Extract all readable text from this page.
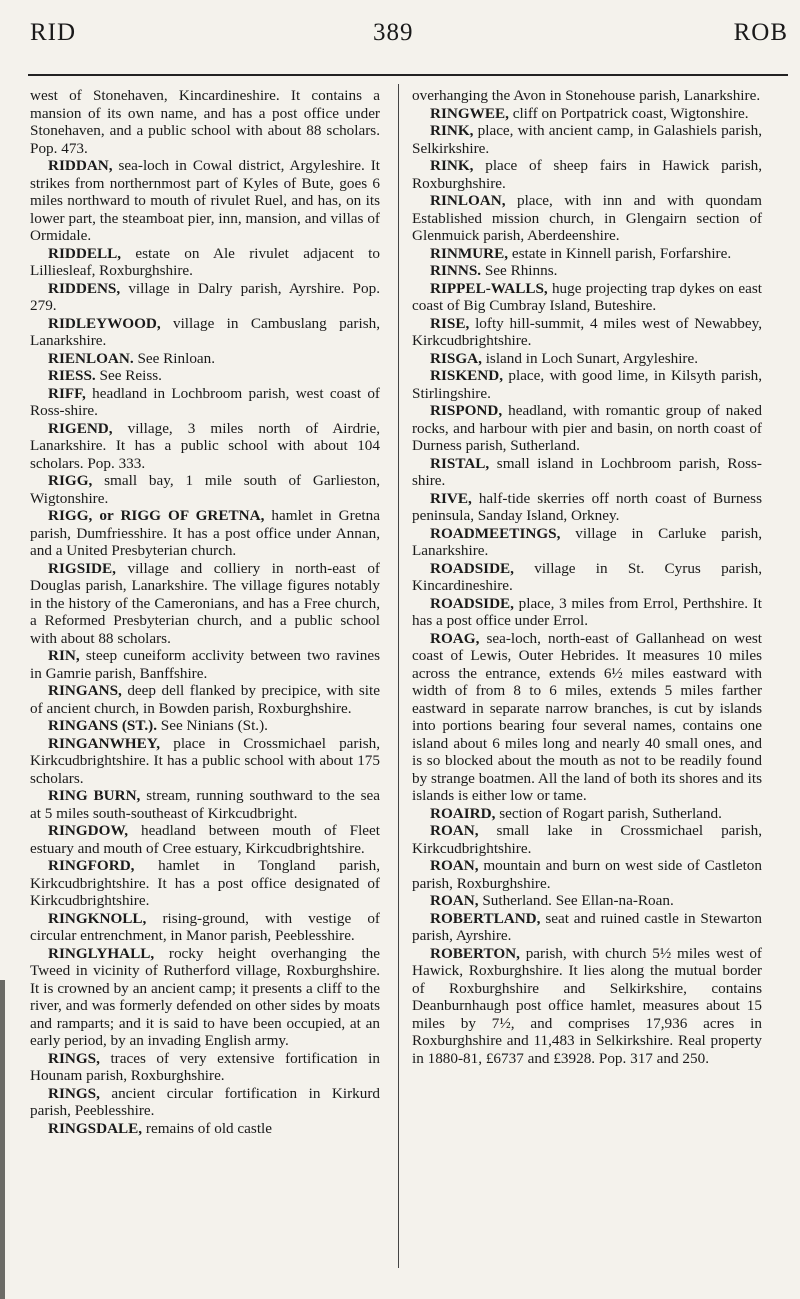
RID	389	ROB

west of Stonehaven, Kincardineshire. It contains a mansion of its own name, and has a post office under Stonehaven, and a public school with about 88 scholars. Pop. 473.

RIDDAN, sea-loch in Cowal district, Argyleshire. It strikes from northernmost part of Kyles of Bute, goes 6 miles northward to mouth of rivulet Ruel, and has, on its lower part, the steamboat pier, inn, mansion, and villas of Ormidale.

RIDDELL, estate on Ale rivulet adjacent to Lilliesleaf, Roxburghshire.

RIDDENS, village in Dalry parish, Ayrshire. Pop. 279.

RIDLEYWOOD, village in Cambuslang parish, Lanarkshire.

RIENLOAN. See Rinloan.

RIESS. See Reiss.

RIFF, headland in Lochbroom parish, west coast of Ross-shire.

RIGEND, village, 3 miles north of Airdrie, Lanarkshire. It has a public school with about 104 scholars. Pop. 333.

RIGG, small bay, 1 mile south of Garlieston, Wigtonshire.

RIGG, or RIGG OF GRETNA, hamlet in Gretna parish, Dumfriesshire. It has a post office under Annan, and a United Presbyterian church.

RIGSIDE, village and colliery in north-east of Douglas parish, Lanarkshire. The village figures notably in the history of the Cameronians, and has a Free church, a Reformed Presbyterian church, and a public school with about 88 scholars.

RIN, steep cuneiform acclivity between two ravines in Gamrie parish, Banffshire.

RINGANS, deep dell flanked by precipice, with site of ancient church, in Bowden parish, Roxburghshire.

RINGANS (ST.). See Ninians (St.).

RINGANWHEY, place in Crossmichael parish, Kirkcudbrightshire. It has a public school with about 175 scholars.

RING BURN, stream, running southward to the sea at 5 miles south-southeast of Kirkcudbright.

RINGDOW, headland between mouth of Fleet estuary and mouth of Cree estuary, Kirkcudbrightshire.

RINGFORD, hamlet in Tongland parish, Kirkcudbrightshire. It has a post office designated of Kirkcudbrightshire.

RINGKNOLL, rising-ground, with vestige of circular entrenchment, in Manor parish, Peeblesshire.

RINGLYHALL, rocky height overhanging the Tweed in vicinity of Rutherford village, Roxburghshire. It is crowned by an ancient camp; it presents a cliff to the river, and was formerly defended on other sides by moats and ramparts; and it is said to have been occupied, at an early period, by an invading English army.

RINGS, traces of very extensive fortification in Hounam parish, Roxburghshire.

RINGS, ancient circular fortification in Kirkurd parish, Peeblesshire.

RINGSDALE, remains of old castle

overhanging the Avon in Stonehouse parish, Lanarkshire.

RINGWEE, cliff on Portpatrick coast, Wigtonshire.

RINK, place, with ancient camp, in Galashiels parish, Selkirkshire.

RINK, place of sheep fairs in Hawick parish, Roxburghshire.

RINLOAN, place, with inn and with quondam Established mission church, in Glengairn section of Glenmuick parish, Aberdeenshire.

RINMURE, estate in Kinnell parish, Forfarshire.

RINNS. See Rhinns.

RIPPEL-WALLS, huge projecting trap dykes on east coast of Big Cumbray Island, Buteshire.

RISE, lofty hill-summit, 4 miles west of Newabbey, Kirkcudbrightshire.

RISGA, island in Loch Sunart, Argyleshire.

RISKEND, place, with good lime, in Kilsyth parish, Stirlingshire.

RISPOND, headland, with romantic group of naked rocks, and harbour with pier and basin, on north coast of Durness parish, Sutherland.

RISTAL, small island in Lochbroom parish, Ross-shire.

RIVE, half-tide skerries off north coast of Burness peninsula, Sanday Island, Orkney.

ROADMEETINGS, village in Carluke parish, Lanarkshire.

ROADSIDE, village in St. Cyrus parish, Kincardineshire.

ROADSIDE, place, 3 miles from Errol, Perthshire. It has a post office under Errol.

ROAG, sea-loch, north-east of Gallanhead on west coast of Lewis, Outer Hebrides. It measures 10 miles across the entrance, extends 6½ miles eastward with width of from 8 to 6 miles, extends 5 miles farther eastward in separate narrow branches, is cut by islands into portions bearing four several names, contains one island about 6 miles long and nearly 40 small ones, and is so blocked about the mouth as not to be readily found by strange boatmen. All the land of both its shores and its islands is either low or tame.

ROAIRD, section of Rogart parish, Sutherland.

ROAN, small lake in Crossmichael parish, Kirkcudbrightshire.

ROAN, mountain and burn on west side of Castleton parish, Roxburghshire.

ROAN, Sutherland. See Ellan-na-Roan.

ROBERTLAND, seat and ruined castle in Stewarton parish, Ayrshire.

ROBERTON, parish, with church 5½ miles west of Hawick, Roxburghshire. It lies along the mutual border of Roxburghshire and Selkirkshire, contains Deanburnhaugh post office hamlet, measures about 15 miles by 7½, and comprises 17,936 acres in Roxburghshire and 11,483 in Selkirkshire. Real property in 1880-81, £6737 and £3928. Pop. 317 and 250.
